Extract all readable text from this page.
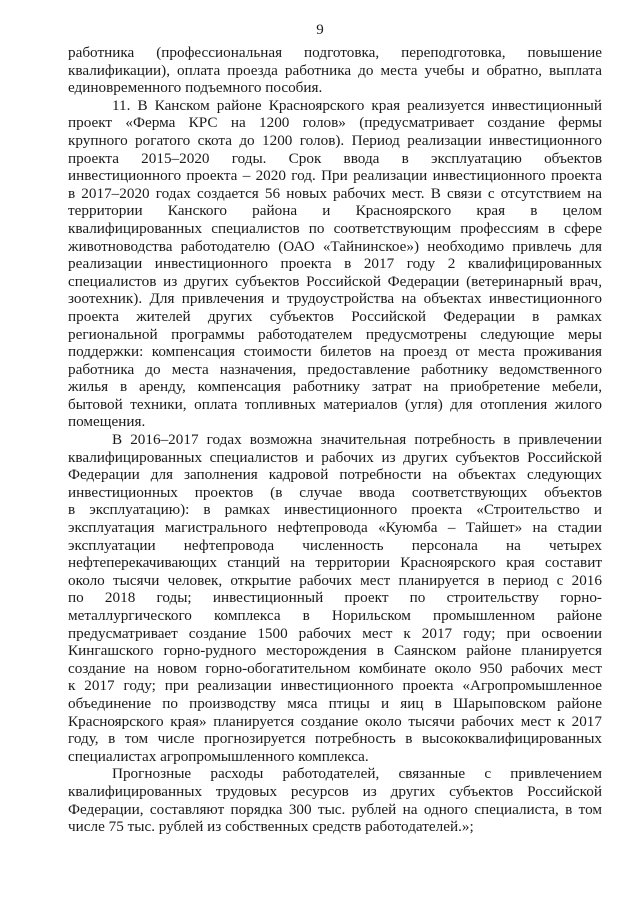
9
работника (профессиональная подготовка, переподготовка, повышение
квалификации), оплата проезда работника до места учебы и обратно, выплата
единовременного подъемного пособия.
11. В Канском районе Красноярского края реализуется инвестиционный
проект «Ферма КРС на 1200 голов» (предусматривает создание фермы
крупного рогатого скота до 1200 голов). Период реализации инвестиционного
проекта 2015–2020 годы. Срок ввода в эксплуатацию объектов
инвестиционного проекта – 2020 год. При реализации инвестиционного проекта
в 2017–2020 годах создается 56 новых рабочих мест. В связи с отсутствием на
территории Канского района и Красноярского края в целом
квалифицированных специалистов по соответствующим профессиям в сфере
животноводства работодателю (ОАО «Тайнинское») необходимо привлечь для
реализации инвестиционного проекта в 2017 году 2 квалифицированных
специалистов из других субъектов Российской Федерации (ветеринарный врач,
зоотехник). Для привлечения и трудоустройства на объектах инвестиционного
проекта жителей других субъектов Российской Федерации в рамках
региональной программы работодателем предусмотрены следующие меры
поддержки: компенсация стоимости билетов на проезд от места проживания
работника до места назначения, предоставление работнику ведомственного
жилья в аренду, компенсация работнику затрат на приобретение мебели,
бытовой техники, оплата топливных материалов (угля) для отопления жилого
помещения.
В 2016–2017 годах возможна значительная потребность в привлечении
квалифицированных специалистов и рабочих из других субъектов Российской
Федерации для заполнения кадровой потребности на объектах следующих
инвестиционных проектов (в случае ввода соответствующих объектов
в эксплуатацию): в рамках инвестиционного проекта «Строительство и
эксплуатация магистрального нефтепровода «Куюмба – Тайшет» на стадии
эксплуатации нефтепровода численность персонала на четырех
нефтеперекачивающих станций на территории Красноярского края составит
около тысячи человек, открытие рабочих мест планируется в период с 2016
по 2018 годы; инвестиционный проект по строительству горно-
металлургического комплекса в Норильском промышленном районе
предусматривает создание 1500 рабочих мест к 2017 году; при освоении
Кингашского горно-рудного месторождения в Саянском районе планируется
создание на новом горно-обогатительном комбинате около 950 рабочих мест
к 2017 году; при реализации инвестиционного проекта «Агропромышленное
объединение по производству мяса птицы и яиц в Шарыповском районе
Красноярского края» планируется создание около тысячи рабочих мест к 2017
году, в том числе прогнозируется потребность в высококвалифицированных
специалистах агропромышленного комплекса.
Прогнозные расходы работодателей, связанные с привлечением
квалифицированных трудовых ресурсов из других субъектов Российской
Федерации, составляют порядка 300 тыс. рублей на одного специалиста, в том
числе 75 тыс. рублей из собственных средств работодателей.»;
